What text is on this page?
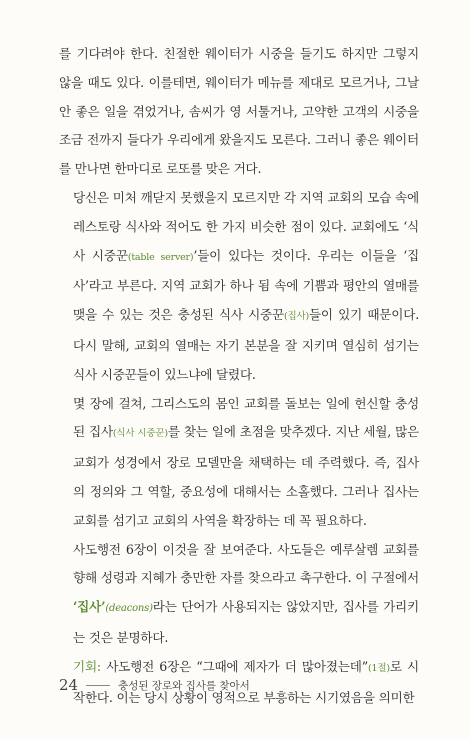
를 기다려야 한다. 친절한 웨이터가 시중을 들기도 하지만 그렇지 않을 때도 있다. 이를테면, 웨이터가 메뉴를 제대로 모르거나, 그날 안 좋은 일을 겪었거나, 솜씨가 영 서툴거나, 고약한 고객의 시중을 조금 전까지 들다가 우리에게 왔을지도 모른다. 그러니 좋은 웨이터를 만나면 한마디로 로또를 맞은 거다.

당신은 미처 깨닫지 못했을지 모르지만 각 지역 교회의 모습 속에 레스토랑 식사와 적어도 한 가지 비슷한 점이 있다. 교회에도 ‘식사 시중꾼(table server)’들이 있다는 것이다. 우리는 이들을 ‘집사’라고 부른다. 지역 교회가 하나 됨 속에 기쁨과 평안의 열매를 맺을 수 있는 것은 충성된 식사 시중꾼(집사)들이 있기 때문이다. 다시 말해, 교회의 열매는 자기 본분을 잘 지키며 열심히 섬기는 식사 시중꾼들이 있느냐에 달렸다.

몇 장에 걸쳐, 그리스도의 몸인 교회를 돌보는 일에 헌신할 충성된 집사(식사 시중꾼)를 찾는 일에 초점을 맞추겠다. 지난 세월, 많은 교회가 성경에서 장로 모델만을 채택하는 데 주력했다. 즉, 집사의 정의와 그 역할, 중요성에 대해서는 소홀했다. 그러나 집사는 교회를 섬기고 교회의 사역을 확장하는 데 꼭 필요하다.

사도행전 6장이 이것을 잘 보여준다. 사도들은 예루살렘 교회를 향해 성령과 지혜가 충만한 자를 찾으라고 촉구한다. 이 구절에서 ‘집사’(deacons)라는 단어가 사용되지는 않았지만, 집사를 가리키는 것은 분명하다.

기회: 사도행전 6장은 “그때에 제자가 더 많아졌는데”(1절)로 시작한다. 이는 당시 상황이 영적으로 부흥하는 시기였음을 의미한

24	충성된 장로와 집사를 찾아서
